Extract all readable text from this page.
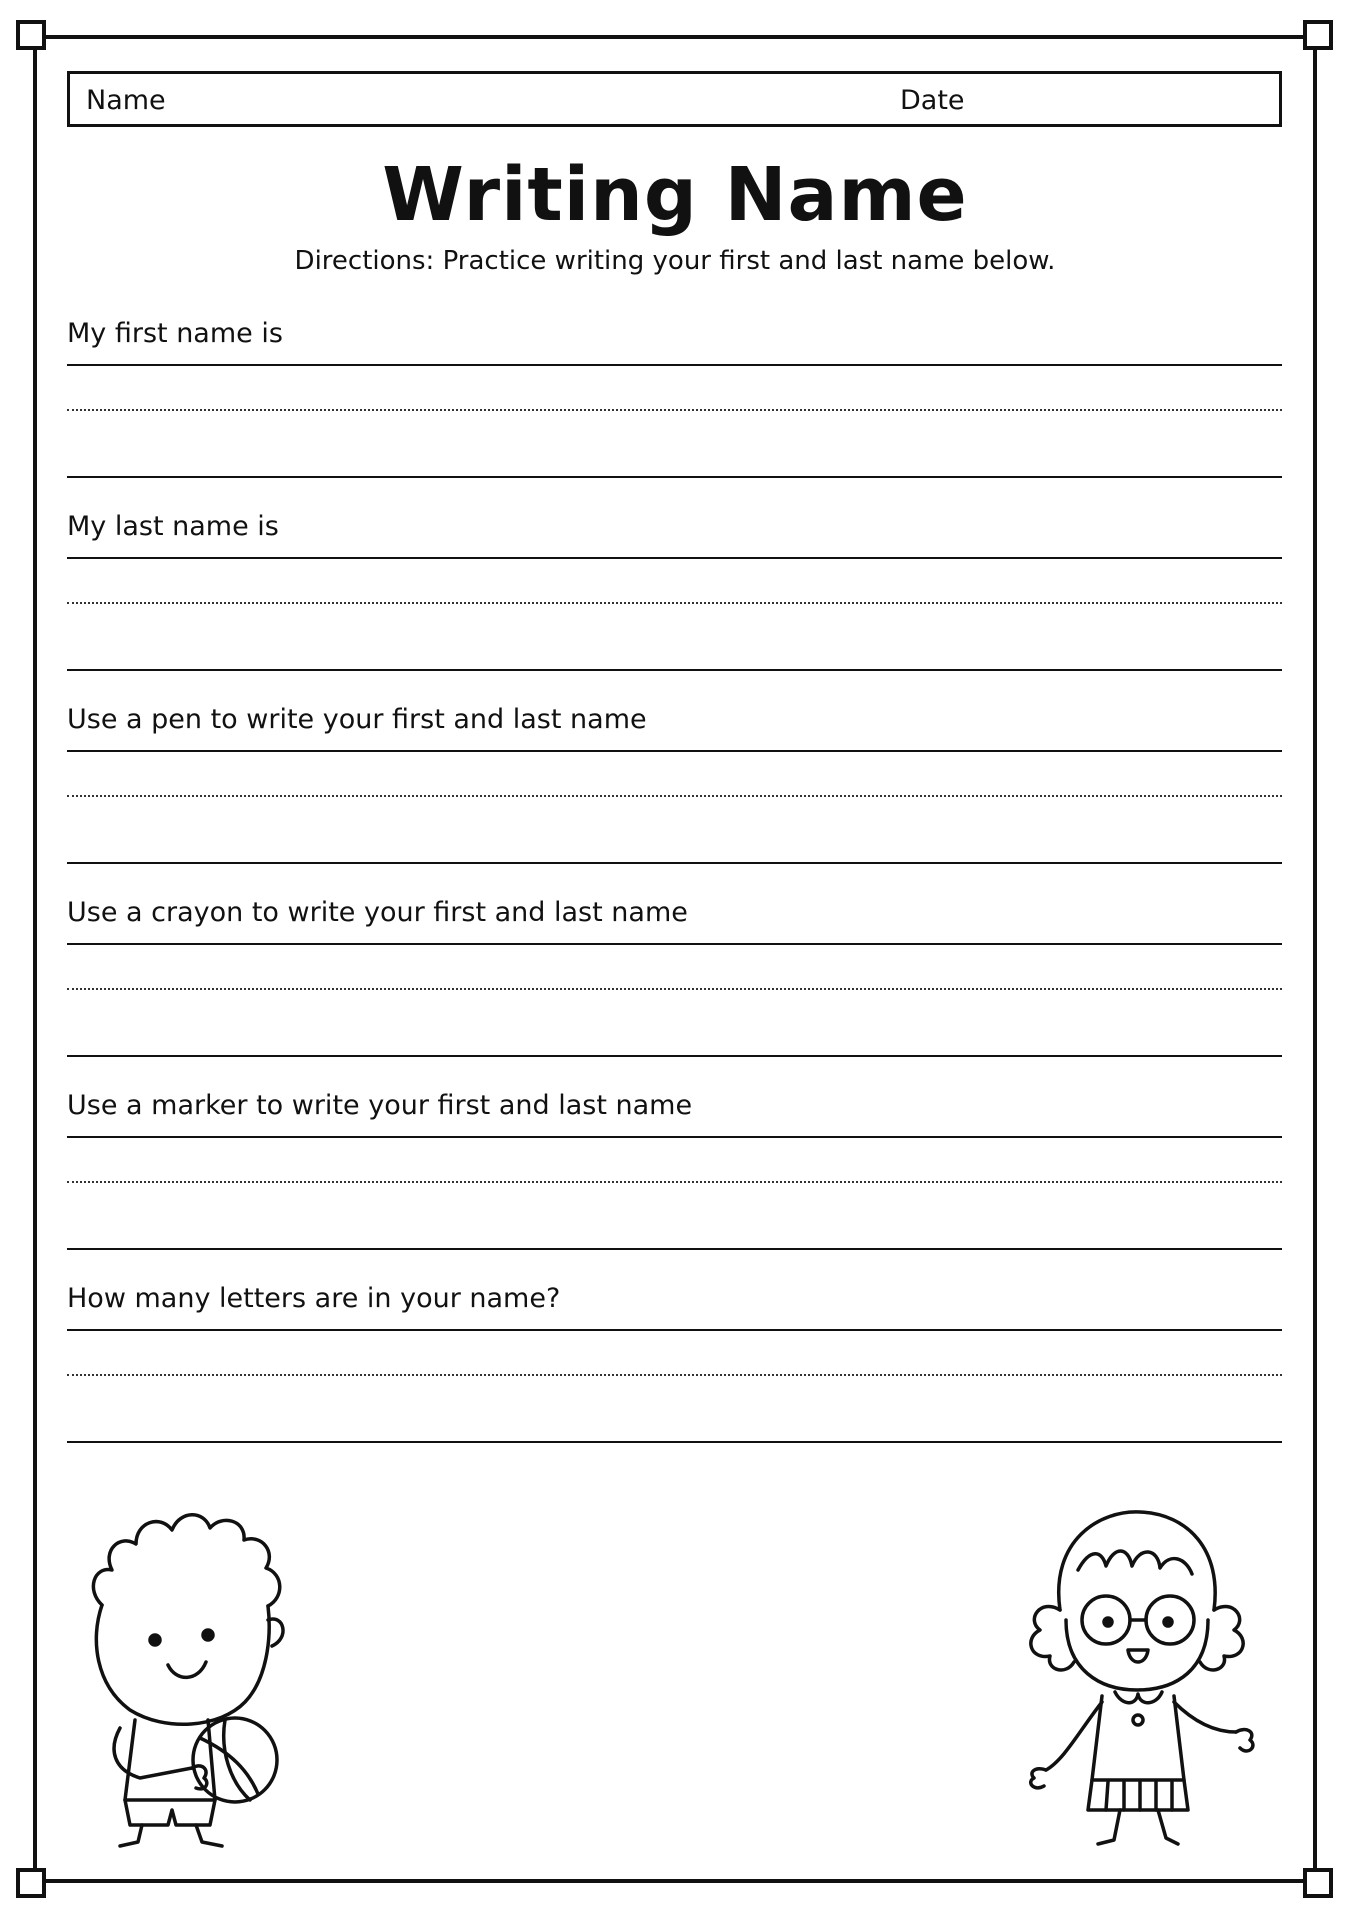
Name	Date
Writing Name
Directions: Practice writing your first and last name below.
My first name is
My last name is
Use a pen to write your first and last name
Use a crayon to write your first and last name
Use a marker to write your first and last name
How many letters are in your name?
